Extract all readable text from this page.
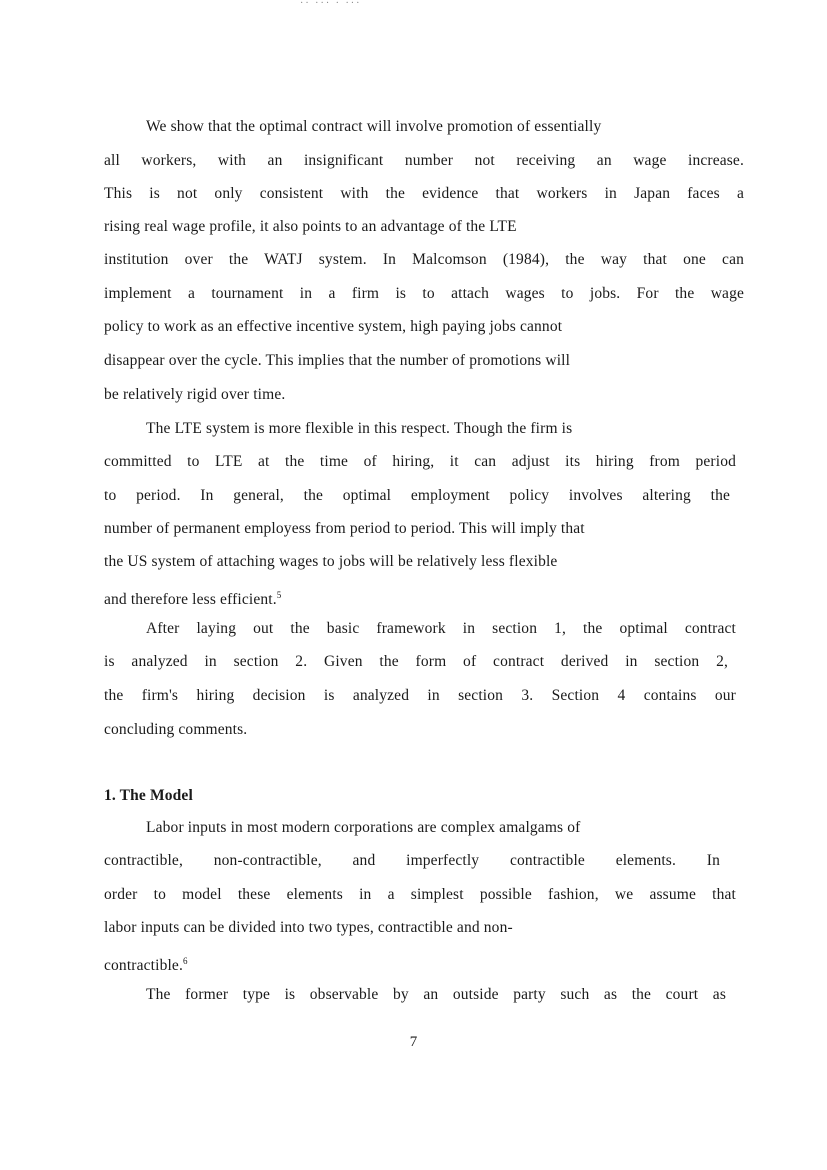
·· ··· · ···
We show that the optimal contract will involve promotion of essentially
all workers, with an insignificant number not receiving an wage increase.
This is not only consistent with the evidence that workers in Japan faces a
rising real wage profile, it also points to an advantage of the LTE
institution over the WATJ system. In Malcomson (1984), the way that one can
implement a tournament in a firm is to attach wages to jobs. For the wage
policy to work as an effective incentive system, high paying jobs cannot
disappear over the cycle. This implies that the number of promotions will
be relatively rigid over time.
The LTE system is more flexible in this respect. Though the firm is
committed to LTE at the time of hiring, it can adjust its hiring from period
to period. In general, the optimal employment policy involves altering the
number of permanent employess from period to period. This will imply that
the US system of attaching wages to jobs will be relatively less flexible
and therefore less efficient.$^5$
After laying out the basic framework in section 1, the optimal contract
is analyzed in section 2. Given the form of contract derived in section 2,
the firm's hiring decision is analyzed in section 3. Section 4 contains our
concluding comments.
1. The Model
Labor inputs in most modern corporations are complex amalgams of
contractible, non-contractible, and imperfectly contractible elements. In
order to model these elements in a simplest possible fashion, we assume that
labor inputs can be divided into two types, contractible and non-
contractible.$^6$
The former type is observable by an outside party such as the court as
7
